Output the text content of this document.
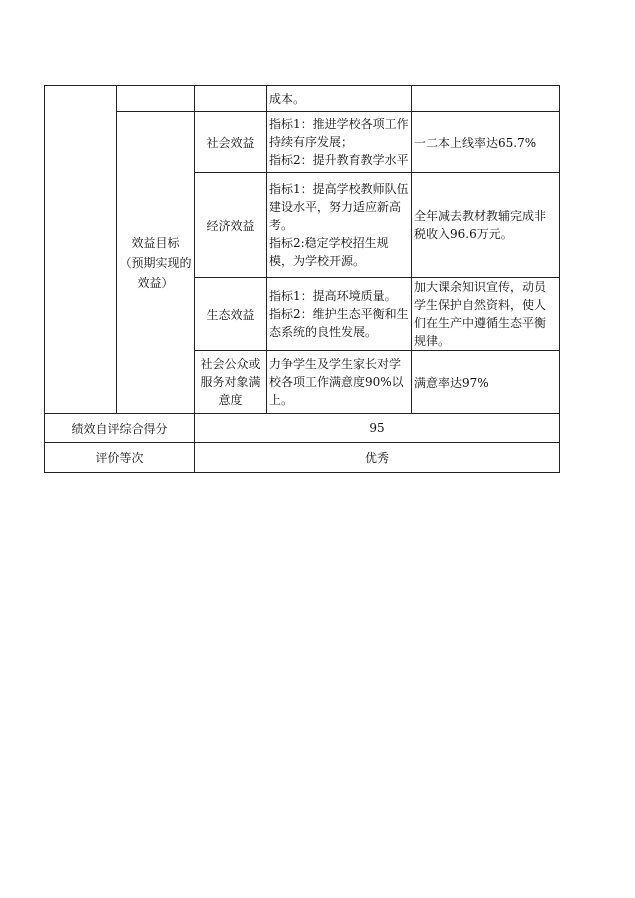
			成本。	

	效益目标
（预期实现的
效益）	社会效益	指标1：推进学校各项工作持续有序发展；
指标2：提升教育教学水平	一二本上线率达65.7%
		经济效益	指标1：提高学校教师队伍建设水平，努力适应新高考。
指标2:稳定学校招生规模，为学校开源。	全年减去教材教辅完成非税收入96.6万元。
		生态效益	指标1：提高环境质量。
指标2：维护生态平衡和生态系统的良性发展。	加大课余知识宣传，动员学生保护自然资料，使人们在生产中遵循生态平衡规律。
		社会公众或服务对象满意度	力争学生及学生家长对学校各项工作满意度90%以上。	满意率达97%
绩效自评综合得分		95		
评价等次		优秀		
